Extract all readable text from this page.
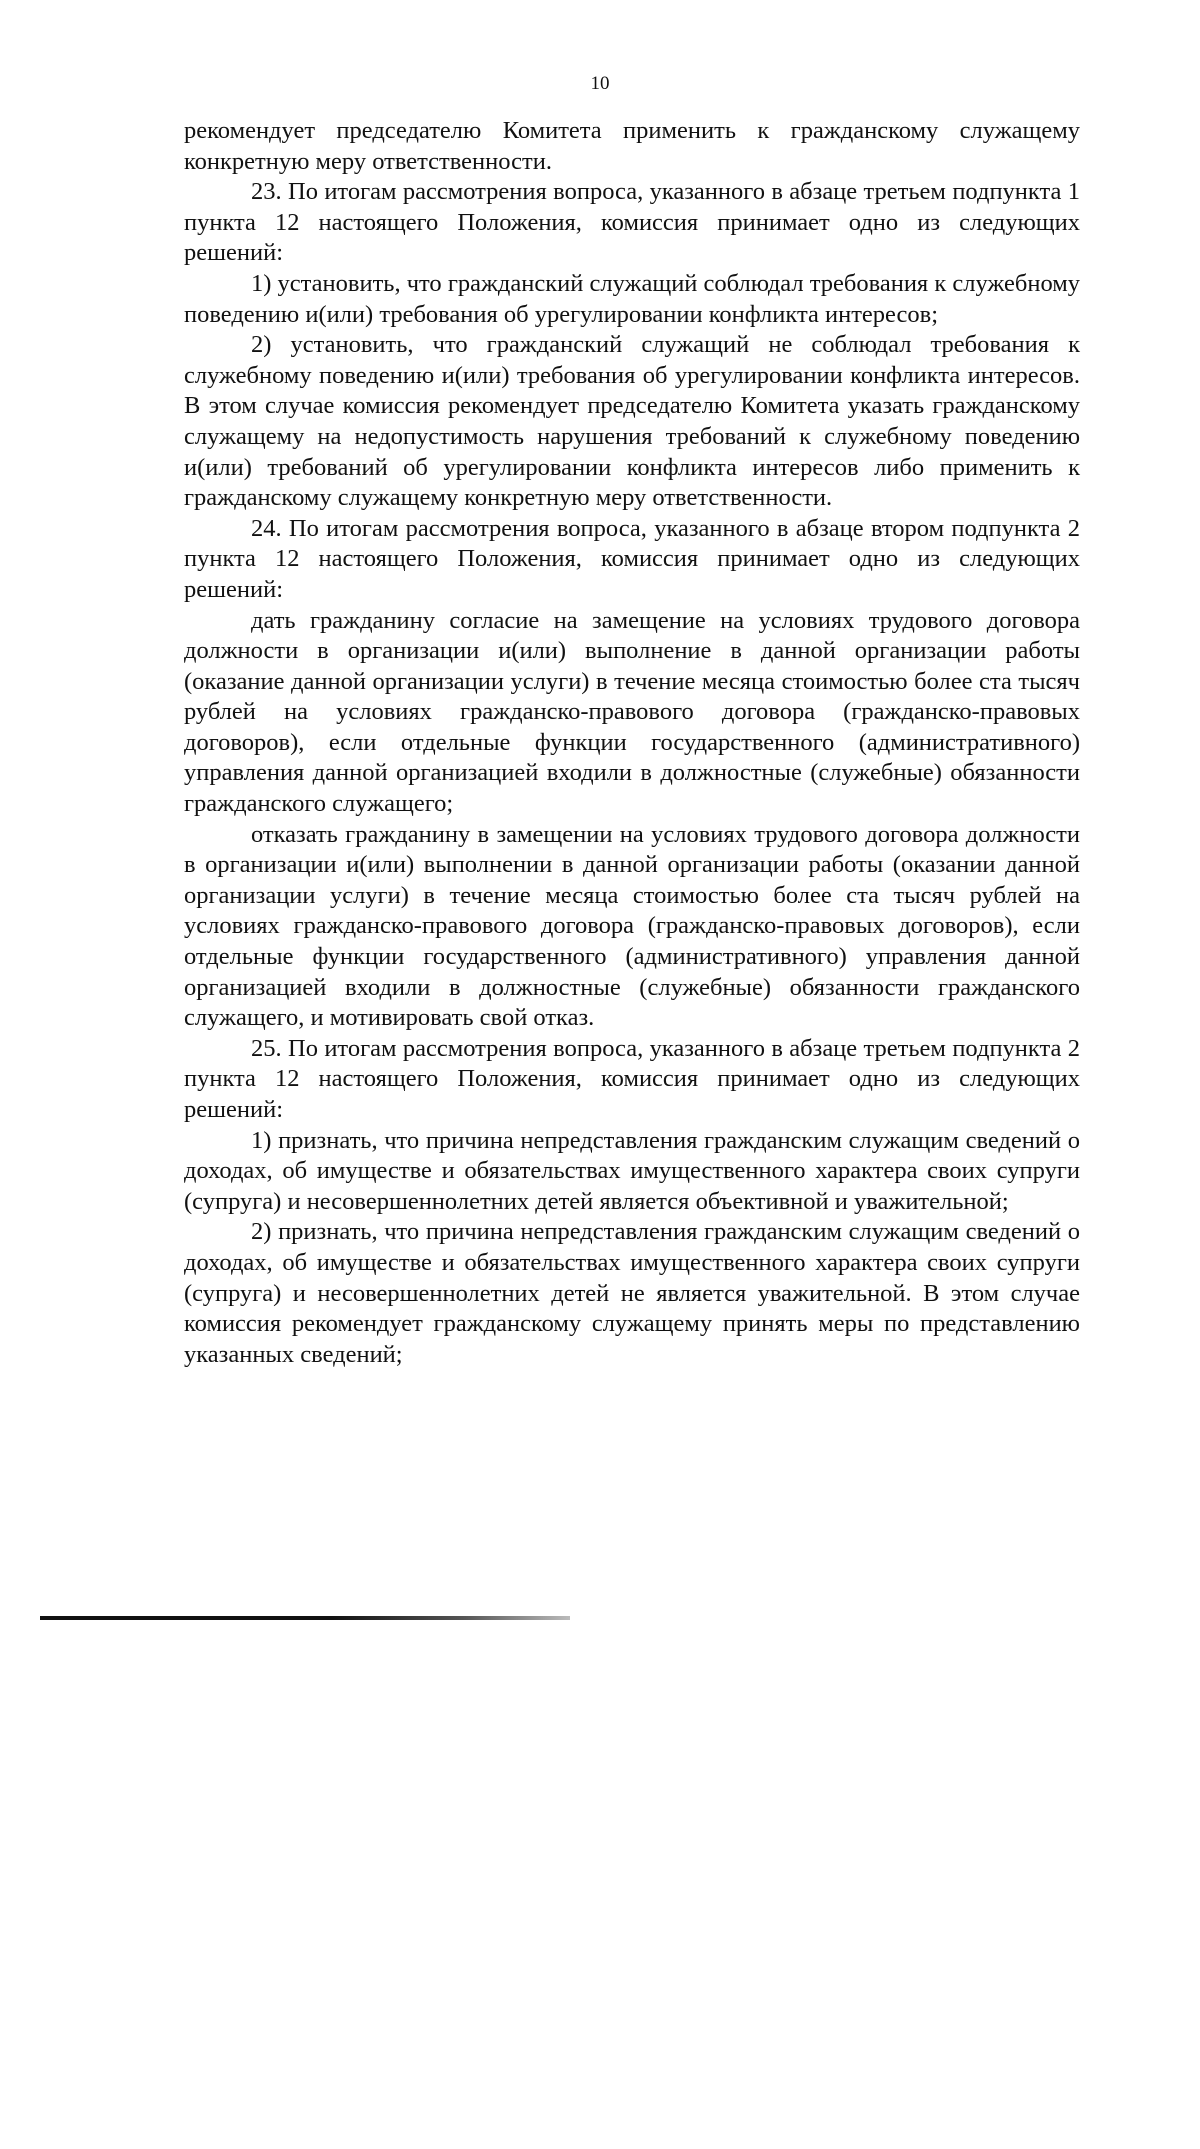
10

рекомендует председателю Комитета применить к гражданскому служащему конкретную меру ответственности.

23. По итогам рассмотрения вопроса, указанного в абзаце третьем подпункта 1 пункта 12 настоящего Положения, комиссия принимает одно из следующих решений:

1) установить, что гражданский служащий соблюдал требования к служебному поведению и(или) требования об урегулировании конфликта интересов;

2) установить, что гражданский служащий не соблюдал требования к служебному поведению и(или) требования об урегулировании конфликта интересов. В этом случае комиссия рекомендует председателю Комитета указать гражданскому служащему на недопустимость нарушения требований к служебному поведению и(или) требований об урегулировании конфликта интересов либо применить к гражданскому служащему конкретную меру ответственности.

24. По итогам рассмотрения вопроса, указанного в абзаце втором подпункта 2 пункта 12 настоящего Положения, комиссия принимает одно из следующих решений:

дать гражданину согласие на замещение на условиях трудового договора должности в организации и(или) выполнение в данной организации работы (оказание данной организации услуги) в течение месяца стоимостью более ста тысяч рублей на условиях гражданско-правового договора (гражданско-правовых договоров), если отдельные функции государственного (административного) управления данной организацией входили в должностные (служебные) обязанности гражданского служащего;

отказать гражданину в замещении на условиях трудового договора должности в организации и(или) выполнении в данной организации работы (оказании данной организации услуги) в течение месяца стоимостью более ста тысяч рублей на условиях гражданско-правового договора (гражданско-правовых договоров), если отдельные функции государственного (административного) управления данной организацией входили в должностные (служебные) обязанности гражданского служащего, и мотивировать свой отказ.

25. По итогам рассмотрения вопроса, указанного в абзаце третьем подпункта 2 пункта 12 настоящего Положения, комиссия принимает одно из следующих решений:

1) признать, что причина непредставления гражданским служащим сведений о доходах, об имуществе и обязательствах имущественного характера своих супруги (супруга) и несовершеннолетних детей является объективной и уважительной;

2) признать, что причина непредставления гражданским служащим сведений о доходах, об имуществе и обязательствах имущественного характера своих супруги (супруга) и несовершеннолетних детей не является уважительной. В этом случае комиссия рекомендует гражданскому служащему принять меры по представлению указанных сведений;
